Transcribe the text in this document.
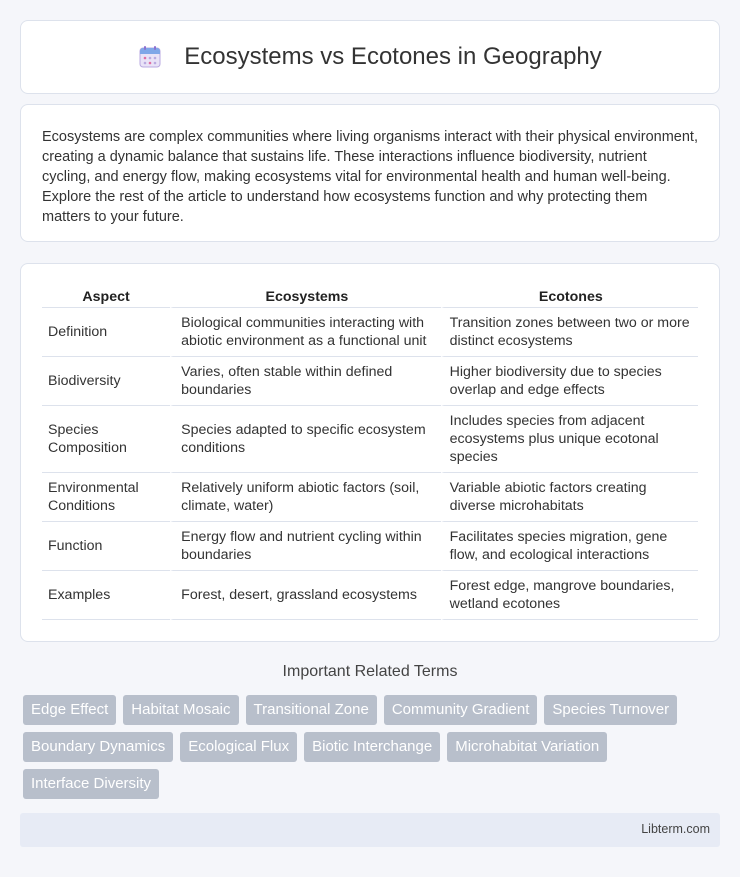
Ecosystems vs Ecotones in Geography

Ecosystems are complex communities where living organisms interact with their physical environment, creating a dynamic balance that sustains life. These interactions influence biodiversity, nutrient cycling, and energy flow, making ecosystems vital for environmental health and human well-being. Explore the rest of the article to understand how ecosystems function and why protecting them matters to your future.

Aspect	Ecosystems	Ecotones
Definition	Biological communities interacting with abiotic environment as a functional unit	Transition zones between two or more distinct ecosystems
Biodiversity	Varies, often stable within defined boundaries	Higher biodiversity due to species overlap and edge effects
Species Composition	Species adapted to specific ecosystem conditions	Includes species from adjacent ecosystems plus unique ecotonal species
Environmental Conditions	Relatively uniform abiotic factors (soil, climate, water)	Variable abiotic factors creating diverse microhabitats
Function	Energy flow and nutrient cycling within boundaries	Facilitates species migration, gene flow, and ecological interactions
Examples	Forest, desert, grassland ecosystems	Forest edge, mangrove boundaries, wetland ecotones
Important Related Terms
Edge Effect	Habitat Mosaic	Transitional Zone	Community Gradient	Species Turnover
Boundary Dynamics	Ecological Flux	Biotic Interchange	Microhabitat Variation
Interface Diversity
Libterm.com
